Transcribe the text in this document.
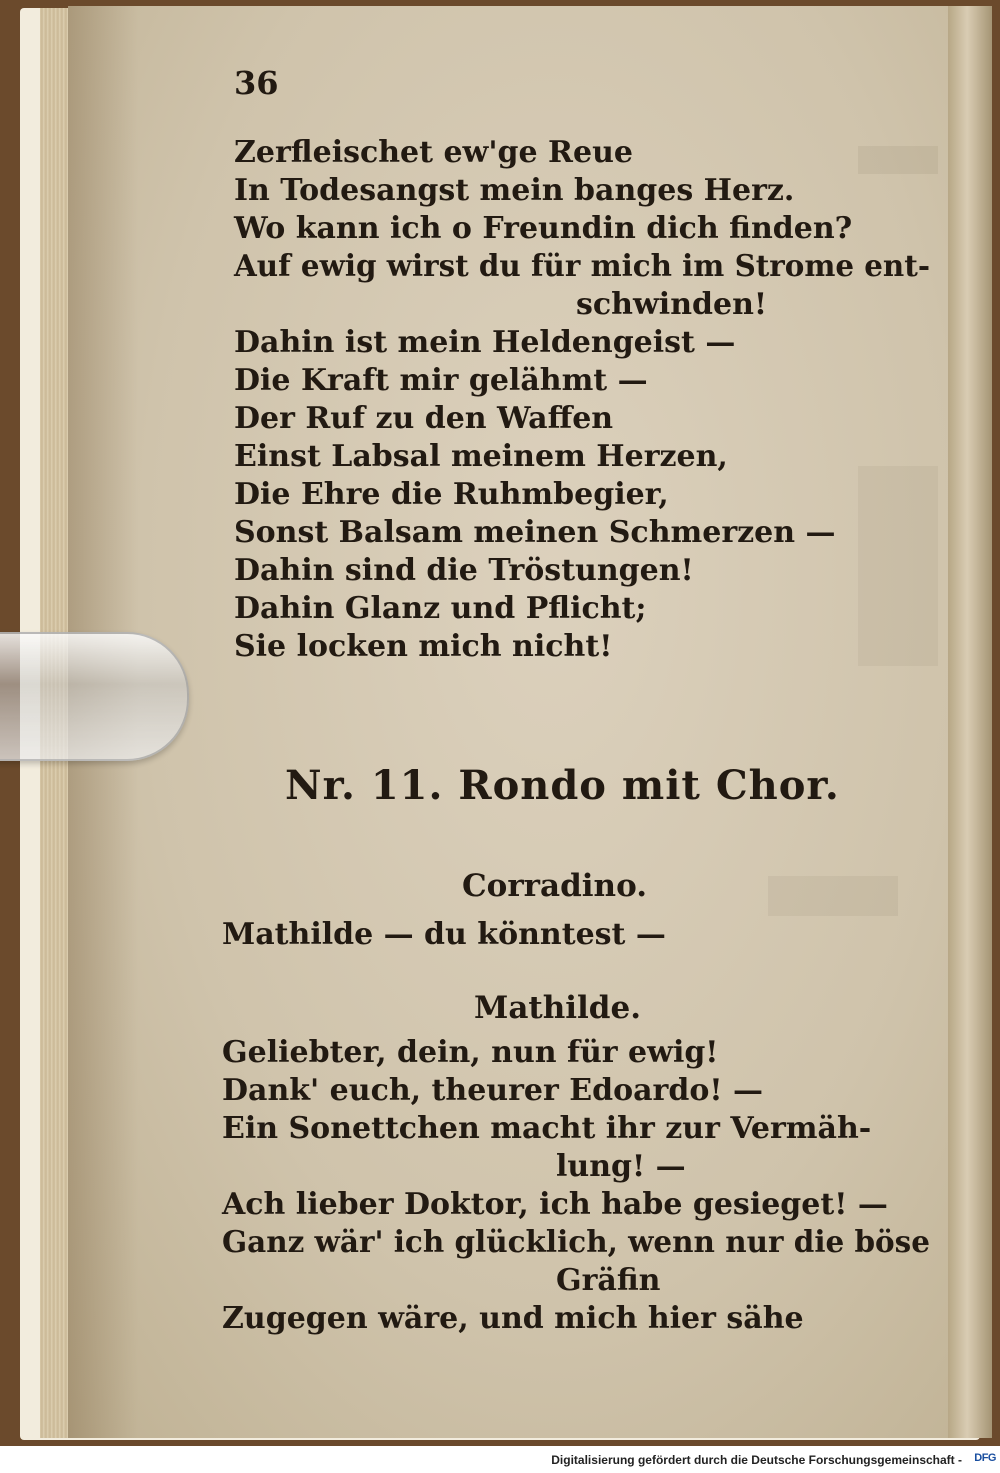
36
Zerfleischet ew'ge Reue
In Todesangst mein banges Herz.
Wo kann ich o Freundin dich finden?
Auf ewig wirst du für mich im Strome ent-
schwinden!
Dahin ist mein Heldengeist —
Die Kraft mir gelähmt —
Der Ruf zu den Waffen
Einst Labsal meinem Herzen,
Die Ehre die Ruhmbegier,
Sonst Balsam meinen Schmerzen —
Dahin sind die Tröstungen!
Dahin Glanz und Pflicht;
Sie locken mich nicht!
Nr. 11. Rondo mit Chor.
Corradino.
Mathilde — du könntest —
Mathilde.
Geliebter, dein, nun für ewig!
Dank' euch, theurer Edoardo! —
Ein Sonettchen macht ihr zur Vermäh-
lung! —
Ach lieber Doktor, ich habe gesieget! —
Ganz wär' ich glücklich, wenn nur die böse
Gräfin
Zugegen wäre, und mich hier sähe
Digitalisierung gefördert durch die Deutsche Forschungsgemeinschaft - DFG
